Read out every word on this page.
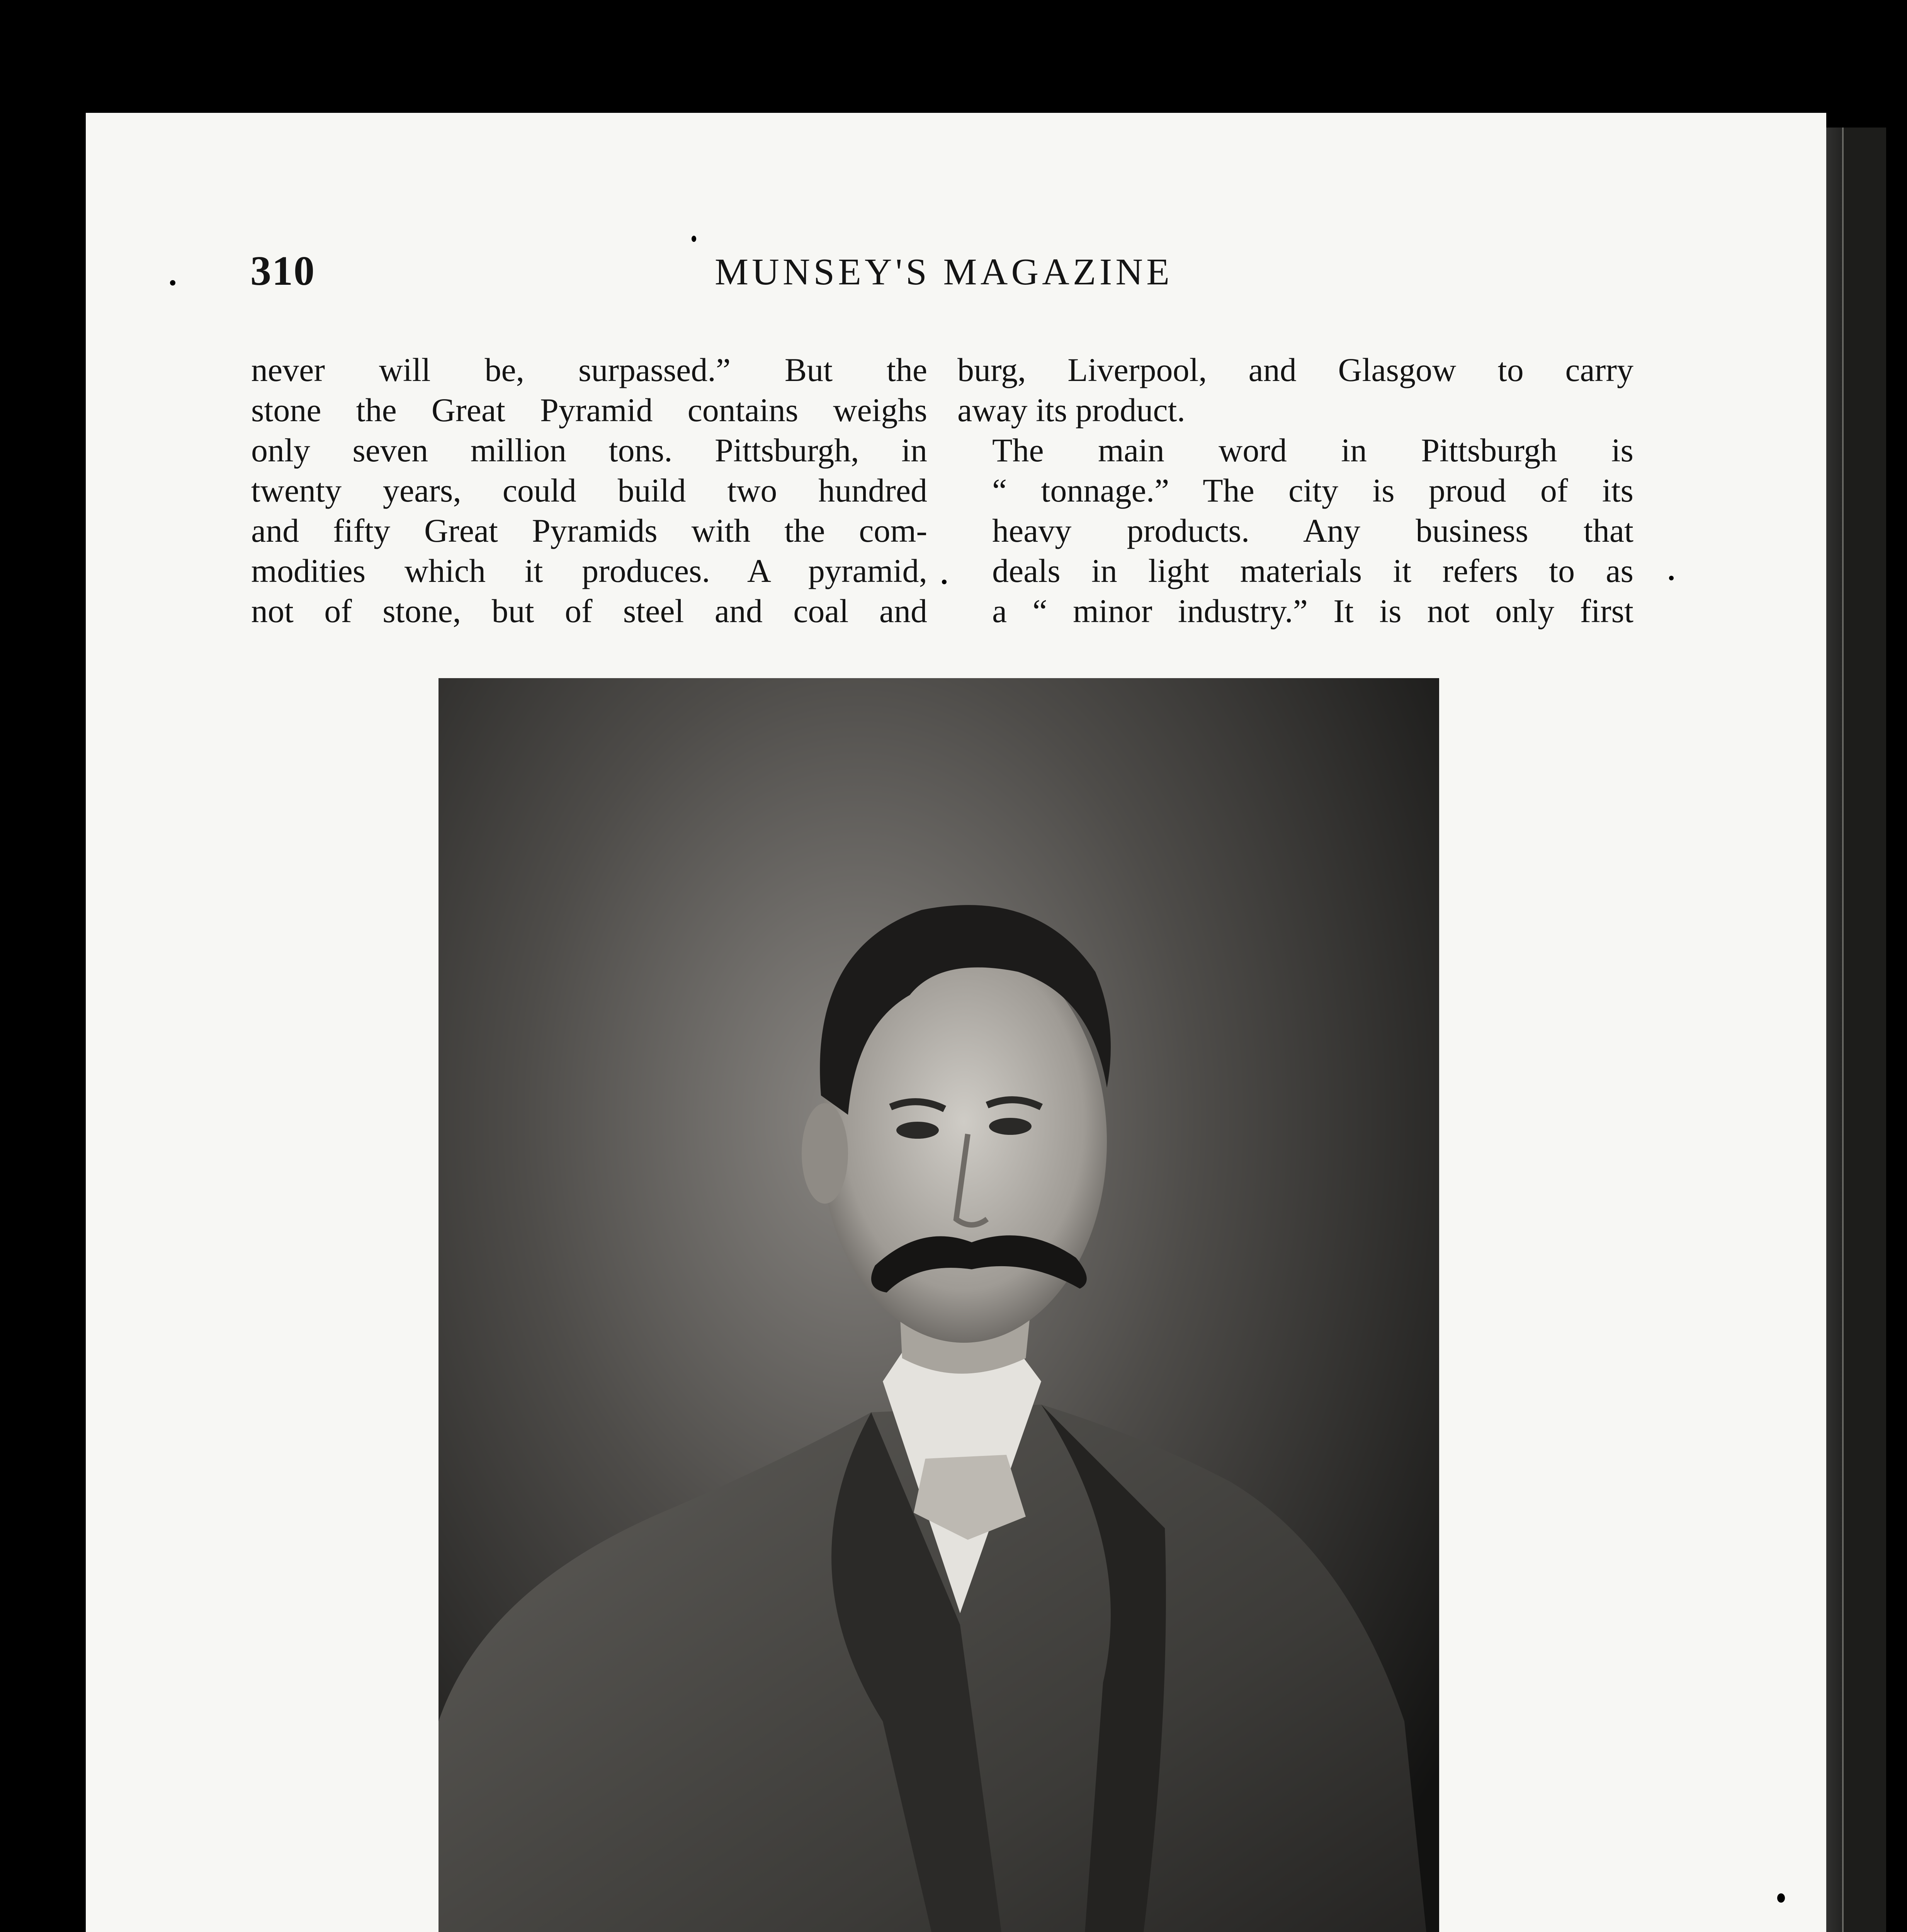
310	MUNSEY'S MAGAZINE

never will be, surpassed.” But the
stone the Great Pyramid contains weighs
only seven million tons. Pittsburgh, in
twenty years, could build two hundred
and fifty Great Pyramids with the com-
modities which it produces. A pyramid,
not of stone, but of steel and coal and

burg, Liverpool, and Glasgow to carry
away its product.

The main word in Pittsburgh is
“ tonnage.” The city is proud of its
heavy products. Any business that
deals in light materials it refers to as
a “ minor industry.” It is not only first
